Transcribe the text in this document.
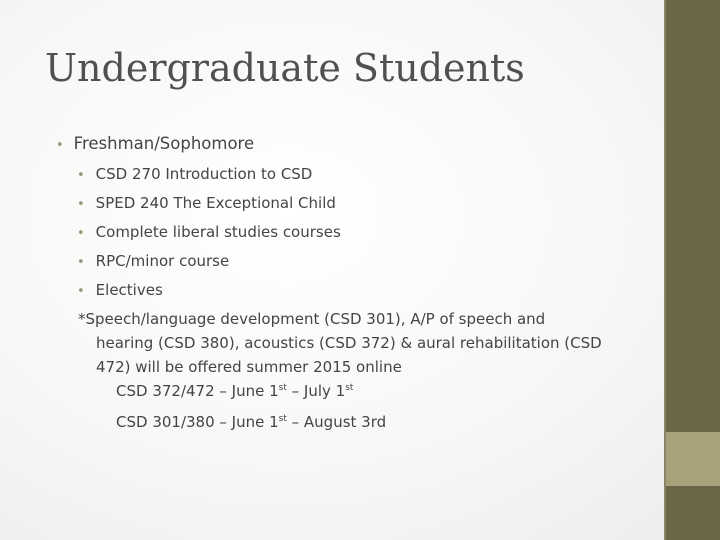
Undergraduate Students
• Freshman/Sophomore
• CSD 270 Introduction to CSD
• SPED 240 The Exceptional Child
• Complete liberal studies courses
• RPC/minor course
• Electives
*Speech/language development (CSD 301), A/P of speech and
hearing (CSD 380), acoustics (CSD 372) & aural rehabilitation (CSD
472) will be offered summer 2015 online
CSD 372/472 – June 1st – July 1st
CSD 301/380 – June 1st – August 3rd
